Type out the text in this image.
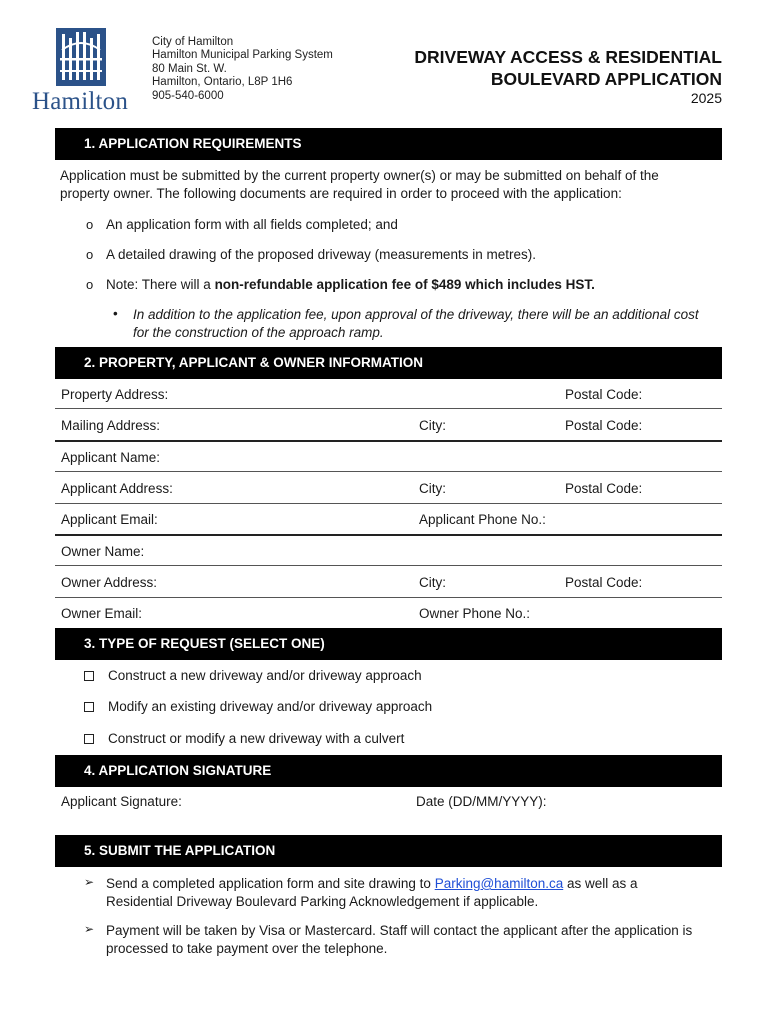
Hamilton
City of Hamilton
Hamilton Municipal Parking System
80 Main St. W.
Hamilton, Ontario, L8P 1H6
905-540-6000
DRIVEWAY ACCESS & RESIDENTIAL
BOULEVARD APPLICATION
2025
1. APPLICATION REQUIREMENTS
Application must be submitted by the current property owner(s) or may be submitted on behalf of the
property owner. The following documents are required in order to proceed with the application:
o An application form with all fields completed; and
o A detailed drawing of the proposed driveway (measurements in metres).
o Note: There will a non-refundable application fee of $489 which includes HST.
• In addition to the application fee, upon approval of the driveway, there will be an additional cost
for the construction of the approach ramp.
2. PROPERTY, APPLICANT & OWNER INFORMATION
Property Address:	Postal Code:
Mailing Address:	City:	Postal Code:
Applicant Name:
Applicant Address:	City:	Postal Code:
Applicant Email:	Applicant Phone No.:
Owner Name:
Owner Address:	City:	Postal Code:
Owner Email:	Owner Phone No.:
3. TYPE OF REQUEST (SELECT ONE)
Construct a new driveway and/or driveway approach
Modify an existing driveway and/or driveway approach
Construct or modify a new driveway with a culvert
4. APPLICATION SIGNATURE
Applicant Signature:	Date (DD/MM/YYYY):
5. SUBMIT THE APPLICATION
➢ Send a completed application form and site drawing to Parking@hamilton.ca as well as a
Residential Driveway Boulevard Parking Acknowledgement if applicable.
➢ Payment will be taken by Visa or Mastercard. Staff will contact the applicant after the application is
processed to take payment over the telephone.
